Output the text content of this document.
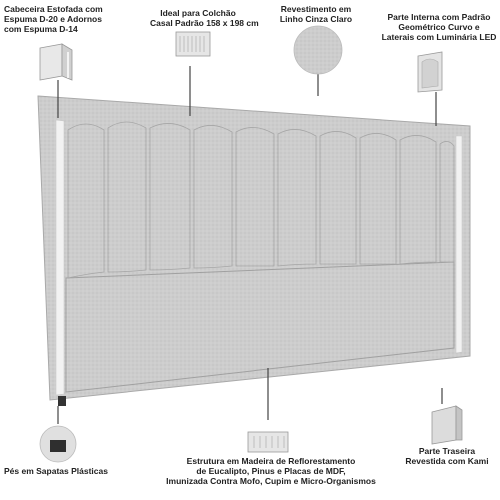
Cabeceira Estofada com
Espuma D-20 e Adornos
com Espuma D-14
Ideal para Colchão
Casal Padrão 158 x 198 cm
Revestimento em
Linho Cinza Claro	Parte Interna com Padrão
Geométrico Curvo e
Laterais com Luminária LED
Parte Traseira
Revestida com Kami
Pés em Sapatas Plásticas
Estrutura em Madeira de Reflorestamento
de Eucalipto, Pinus e Placas de MDF,
Imunizada Contra Mofo, Cupim e Micro-Organismos
